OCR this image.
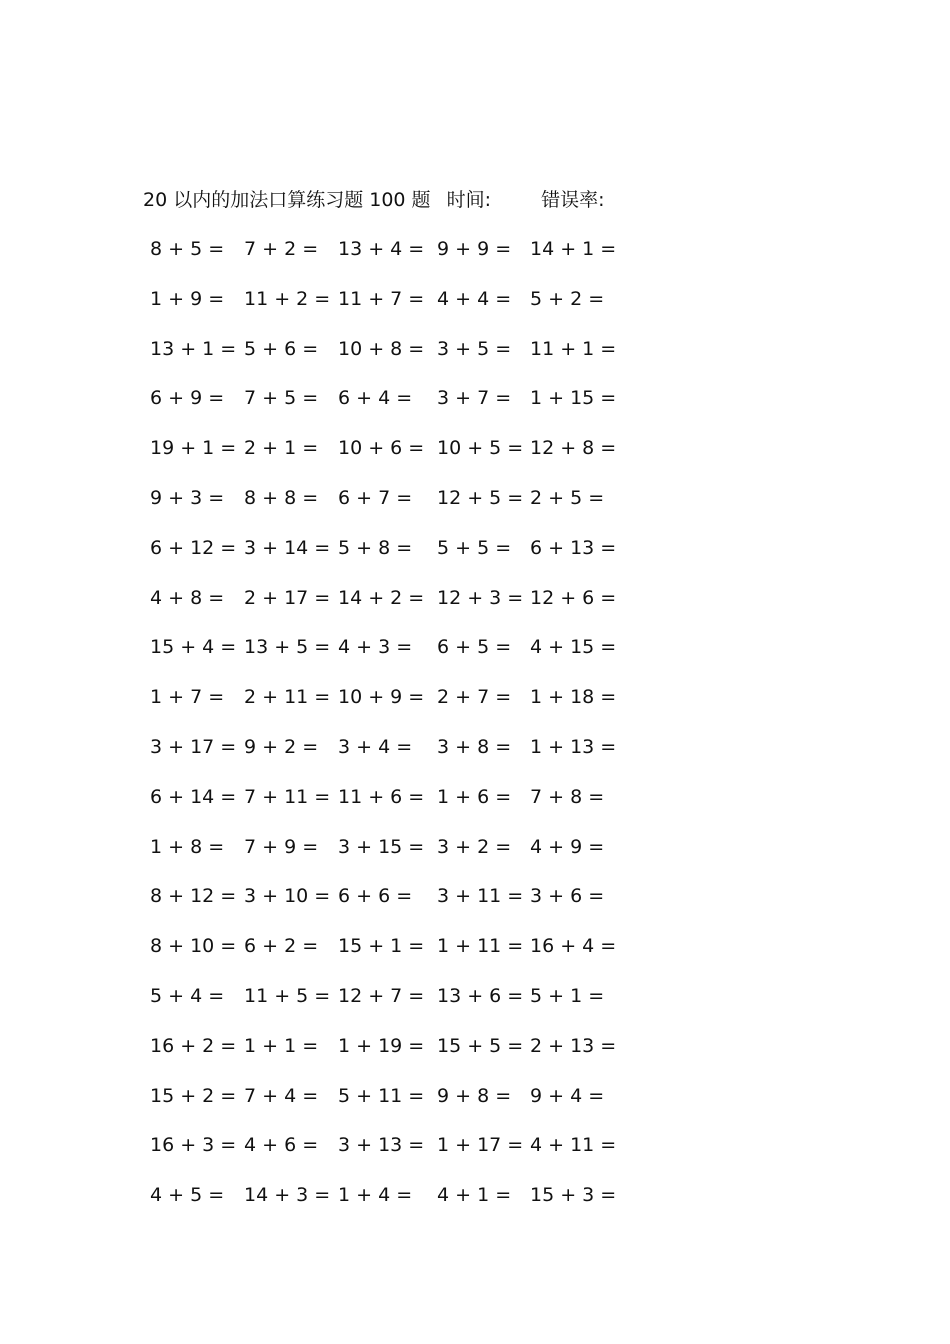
20 以内的加法口算练习题 100 题 时间:	错误率:
8 + 5 = 7 + 2 = 13 + 4 = 9 + 9 = 14 + 1 =
1 + 9 = 11 + 2 = 11 + 7 = 4 + 4 = 5 + 2 =
13 + 1 = 5 + 6 = 10 + 8 = 3 + 5 = 11 + 1 =
6 + 9 = 7 + 5 = 6 + 4 = 3 + 7 = 1 + 15 =
19 + 1 = 2 + 1 = 10 + 6 = 10 + 5 = 12 + 8 =
9 + 3 = 8 + 8 = 6 + 7 = 12 + 5 = 2 + 5 =
6 + 12 = 3 + 14 = 5 + 8 = 5 + 5 = 6 + 13 =
4 + 8 = 2 + 17 = 14 + 2 = 12 + 3 = 12 + 6 =
15 + 4 = 13 + 5 = 4 + 3 = 6 + 5 = 4 + 15 =
1 + 7 = 2 + 11 = 10 + 9 = 2 + 7 = 1 + 18 =
3 + 17 = 9 + 2 = 3 + 4 = 3 + 8 = 1 + 13 =
6 + 14 = 7 + 11 = 11 + 6 = 1 + 6 = 7 + 8 =
1 + 8 = 7 + 9 = 3 + 15 = 3 + 2 = 4 + 9 =
8 + 12 = 3 + 10 = 6 + 6 = 3 + 11 = 3 + 6 =
8 + 10 = 6 + 2 = 15 + 1 = 1 + 11 = 16 + 4 =
5 + 4 = 11 + 5 = 12 + 7 = 13 + 6 = 5 + 1 =
16 + 2 = 1 + 1 = 1 + 19 = 15 + 5 = 2 + 13 =
15 + 2 = 7 + 4 = 5 + 11 = 9 + 8 = 9 + 4 =
16 + 3 = 4 + 6 = 3 + 13 = 1 + 17 = 4 + 11 =
4 + 5 = 14 + 3 = 1 + 4 = 4 + 1 = 15 + 3 =
